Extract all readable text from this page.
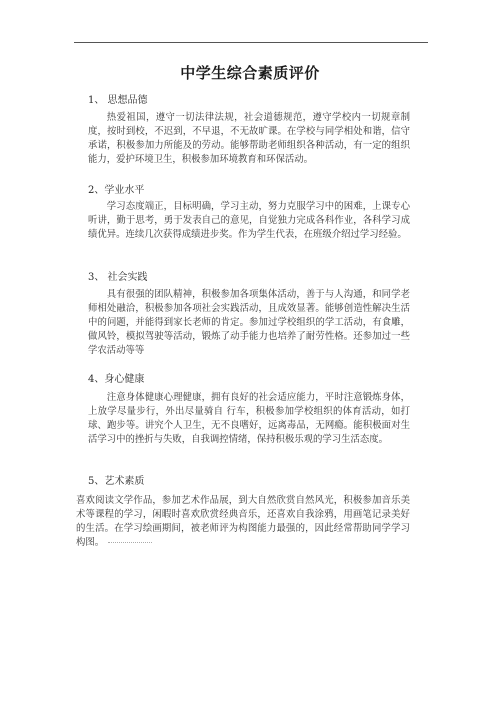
中学生综合素质评价
1、 思想品德

热爱祖国，遵守一切法律法规，社会道德规范，遵守学校内一切规章制度，按时到校，不迟到，不早退，不无故旷课。在学校与同学相处和谐，信守承诺，积极参加力所能及的劳动。能够帮助老师组织各种活动，有一定的组织能力，爱护环境卫生，积极参加环境教育和环保活动。

2、学业水平

学习态度端正，目标明确，学习主动，努力克服学习中的困难，上课专心听讲，勤于思考，勇于发表自己的意见，自觉独力完成各科作业，各科学习成绩优异。连续几次获得成绩进步奖。作为学生代表，在班级介绍过学习经验。

3、 社会实践

具有很强的团队精神，积极参加各项集体活动，善于与人沟通，和同学老师相处融洽，积极参加各项社会实践活动，且成效显著。能够创造性解决生活中的问题，并能得到家长老师的肯定。参加过学校组织的学工活动，有食雕，做风铃，模拟驾驶等活动，锻炼了动手能力也培养了耐劳性格。还参加过一些学农活动等等

4、身心健康

注意身体健康心理健康，拥有良好的社会适应能力，平时注意锻炼身体，上放学尽量步行，外出尽量骑自 行车，积极参加学校组织的体育活动，如打球、跑步等。讲究个人卫生，无不良嗜好，远离毒品，无网瘾。能积极面对生活学习中的挫折与失败，自我调控情绪，保持积极乐观的学习生活态度。

5、艺术素质

喜欢阅读文学作品，参加艺术作品展，到大自然欣赏自然风光，积极参加音乐美术等课程的学习，闲暇时喜欢欣赏经典音乐，还喜欢自我涂鸦，用画笔记录美好的生活。在学习绘画期间，被老师评为构图能力最强的，因此经常帮助同学学习构图。
